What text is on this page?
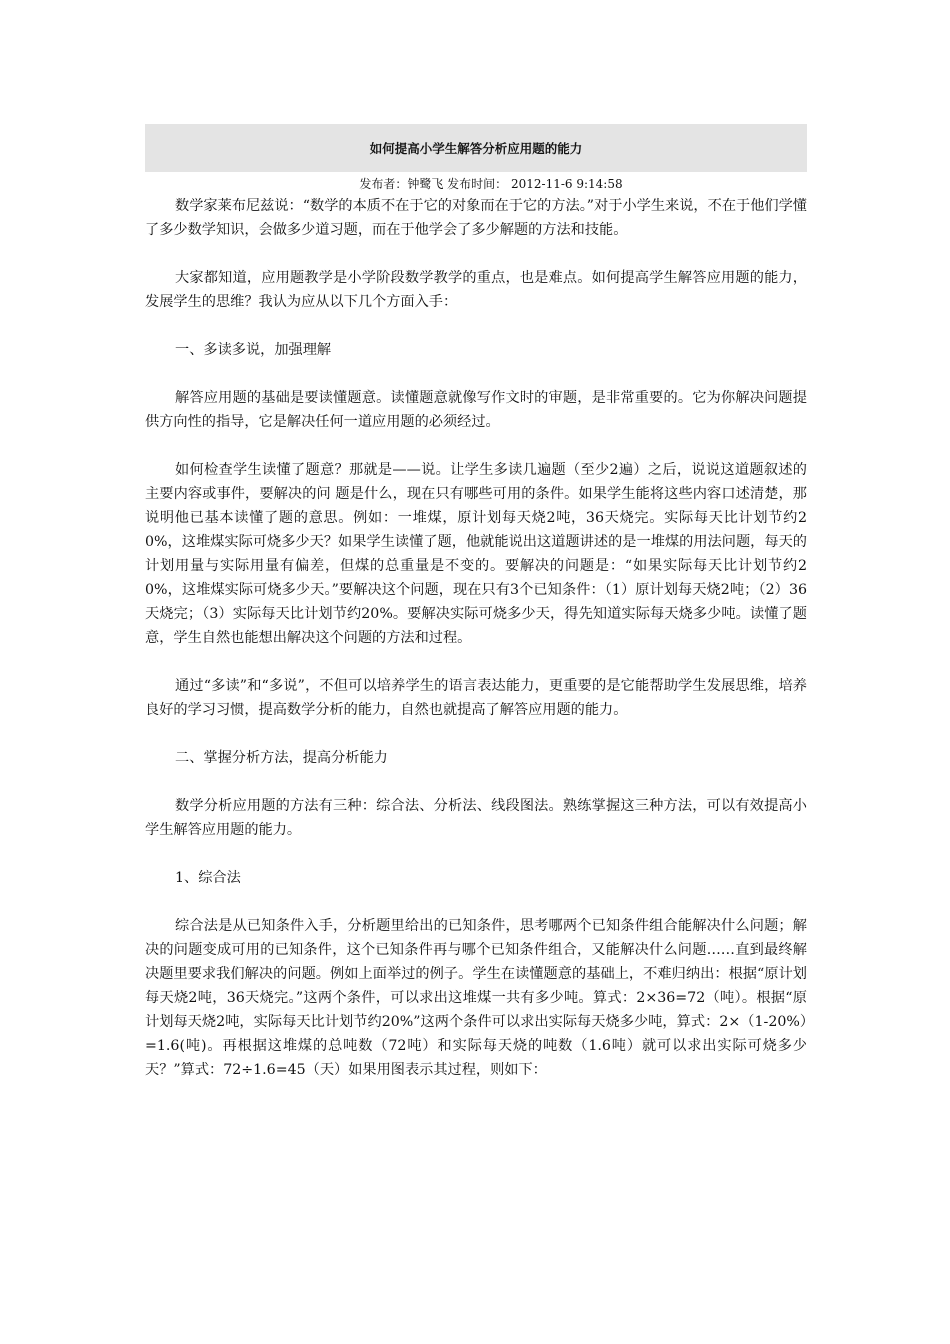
如何提高小学生解答分析应用题的能力
发布者：钟鹭飞 发布时间： 2012-11-6 9:14:58

数学家莱布尼兹说：“数学的本质不在于它的对象而在于它的方法。”对于小学生来说，不在于他们学懂了多少数学知识，会做多少道习题，而在于他学会了多少解题的方法和技能。

大家都知道，应用题教学是小学阶段数学教学的重点，也是难点。如何提高学生解答应用题的能力，发展学生的思维？我认为应从以下几个方面入手：

一、多读多说，加强理解

解答应用题的基础是要读懂题意。读懂题意就像写作文时的审题，是非常重要的。它为你解决问题提供方向性的指导，它是解决任何一道应用题的必须经过。

如何检查学生读懂了题意？那就是——说。让学生多读几遍题（至少2遍）之后，说说这道题叙述的主要内容或事件，要解决的问 题是什么，现在只有哪些可用的条件。如果学生能将这些内容口述清楚，那说明他已基本读懂了题的意思。例如：一堆煤，原计划每天烧2吨，36天烧完。实际每天比计划节约20%，这堆煤实际可烧多少天？如果学生读懂了题，他就能说出这道题讲述的是一堆煤的用法问题，每天的计划用量与实际用量有偏差，但煤的总重量是不变的。要解决的问题是：“如果实际每天比计划节约20%，这堆煤实际可烧多少天。”要解决这个问题，现在只有3个已知条件：（1）原计划每天烧2吨；（2）36天烧完；（3）实际每天比计划节约20%。要解决实际可烧多少天，得先知道实际每天烧多少吨。读懂了题意，学生自然也能想出解决这个问题的方法和过程。

通过“多读”和“多说”，不但可以培养学生的语言表达能力，更重要的是它能帮助学生发展思维，培养良好的学习习惯，提高数学分析的能力，自然也就提高了解答应用题的能力。

二、掌握分析方法，提高分析能力

数学分析应用题的方法有三种：综合法、分析法、线段图法。熟练掌握这三种方法，可以有效提高小学生解答应用题的能力。

1、综合法

综合法是从已知条件入手，分析题里给出的已知条件，思考哪两个已知条件组合能解决什么问题；解决的问题变成可用的已知条件，这个已知条件再与哪个已知条件组合，又能解决什么问题……直到最终解决题里要求我们解决的问题。例如上面举过的例子。学生在读懂题意的基础上，不难归纳出：根据“原计划每天烧2吨，36天烧完。”这两个条件，可以求出这堆煤一共有多少吨。算式：2×36=72（吨）。根据“原计划每天烧2吨，实际每天比计划节约20%”这两个条件可以求出实际每天烧多少吨，算式：2×（1-20%）=1.6(吨)。再根据这堆煤的总吨数（72吨）和实际每天烧的吨数（1.6吨）就可以求出实际可烧多少天？”算式：72÷1.6=45（天）如果用图表示其过程，则如下：
